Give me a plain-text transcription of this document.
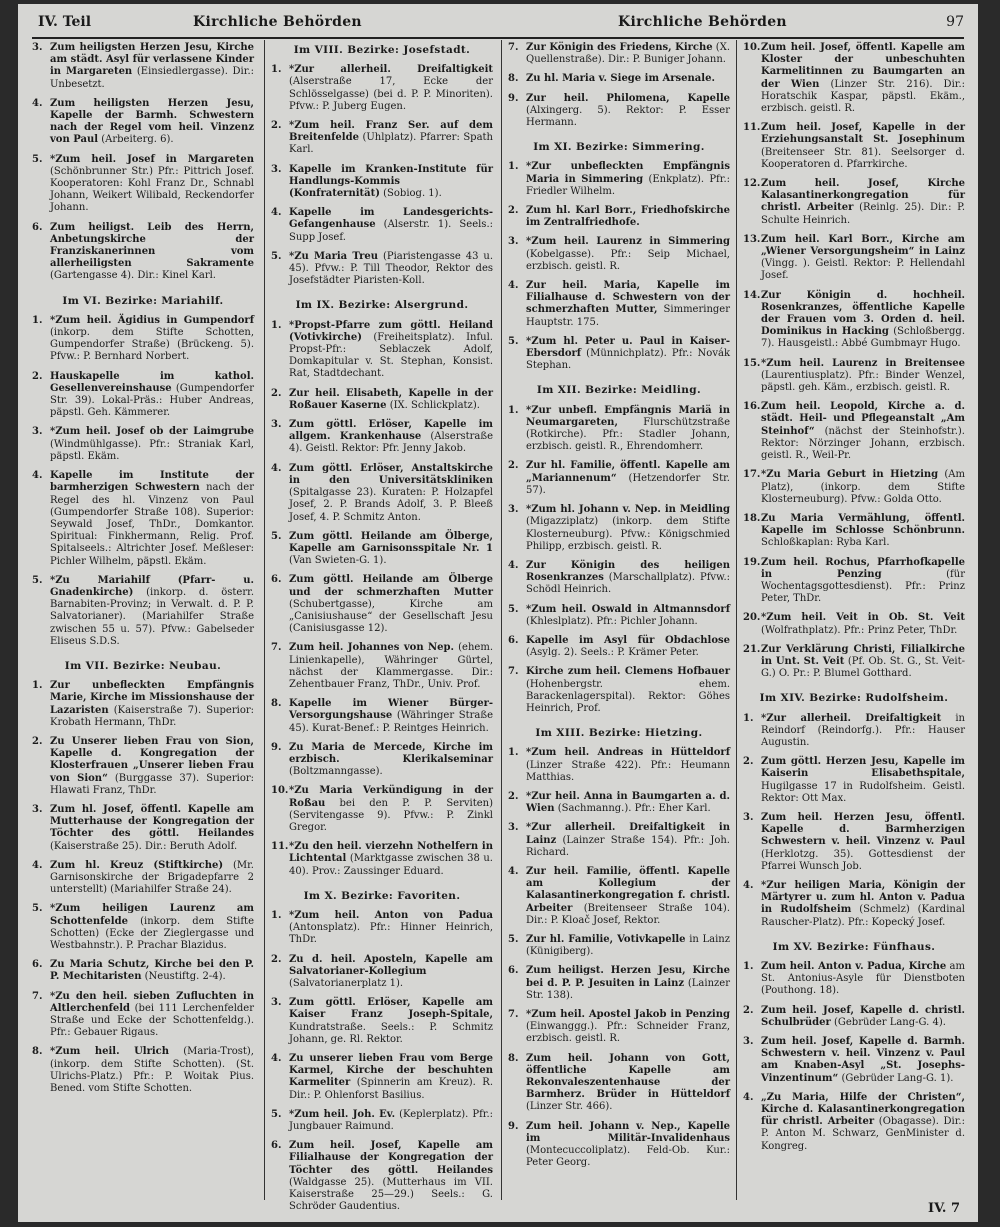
IV. Teil	Kirchliche Behörden	Kirchliche Behörden	97
3. Zum heiligsten Herzen Jesu, Kirche am städt. Asyl für verlassene Kinder in Margareten (Einsiedlergasse). Dir.: Unbesetzt.
4. Zum heiligsten Herzen Jesu, Kapelle der Barmh. Schwestern nach der Regel vom heil. Vinzenz von Paul (Arbeiterg. 6).
5. *Zum heil. Josef in Margareten (Schönbrunner Str.) Pfr.: Pittrich Josef. Kooperatoren: Kohl Franz Dr., Schnabl Johann, Weikert Wilibald, Reckendorfer Johann.
6. Zum heiligst. Leib des Herrn, Anbetungskirche der Franziskanerinnen vom allerheiligsten Sakramente (Gartengasse 4). Dir.: Kinel Karl.
Im VI. Bezirke: Mariahilf.
1. *Zum heil. Ägidius in Gumpendorf (inkorp. dem Stifte Schotten, Gumpendorfer Straße) (Brückeng. 5). Pfvw.: P. Bernhard Norbert.
2. Hauskapelle im kathol. Gesellenvereinshause (Gumpendorfer Str. 39). Lokal-Präs.: Huber Andreas, päpstl. Geh. Kämmerer.
3. *Zum heil. Josef ob der Laimgrube (Windmühlgasse). Pfr.: Straniak Karl, päpstl. Ekäm.
4. Kapelle im Institute der barmherzigen Schwestern nach der Regel des hl. Vinzenz von Paul (Gumpendorfer Straße 108). Superior: Seywald Josef, ThDr., Domkantor. Spiritual: Finkhermann, Relig. Prof. Spitalseels.: Altrichter Josef. Meßleser: Pichler Wilhelm, päpstl. Ekäm.
5. *Zu Mariahilf (Pfarr- u. Gnadenkirche) (inkorp. d. österr. Barnabiten-Provinz; in Verwalt. d. P. P. Salvatorianer). (Mariahilfer Straße zwischen 55 u. 57). Pfvw.: Gabelseder Eliseus S.D.S.
Im VII. Bezirke: Neubau.
1. Zur unbefleckten Empfängnis Marie, Kirche im Missionshause der Lazaristen (Kaiserstraße 7). Superior: Krobath Hermann, ThDr.
2. Zu Unserer lieben Frau von Sion, Kapelle d. Kongregation der Klosterfrauen „Unserer lieben Frau von Sion“ (Burggasse 37). Superior: Hlawati Franz, ThDr.
3. Zum hl. Josef, öffentl. Kapelle am Mutterhause der Kongregation der Töchter des göttl. Heilandes (Kaiserstraße 25). Dir.: Beruth Adolf.
4. Zum hl. Kreuz (Stiftkirche) (Mr. Garnisonskirche der Brigadepfarre 2 unterstellt) (Mariahilfer Straße 24).
5. *Zum heiligen Laurenz am Schottenfelde (inkorp. dem Stifte Schotten) (Ecke der Zieglergasse und Westbahnstr.). P. Prachar Blazidus.
6. Zu Maria Schutz, Kirche bei den P. P. Mechitaristen (Neustiftg. 2-4).
7. *Zu den heil. sieben Zufluchten in Altlerchenfeld (bei 111 Lerchenfelder Straße und Ecke der Schottenfeldg.). Pfr.: Gebauer Rigaus.
8. *Zum heil. Ulrich (Maria-Trost), (inkorp. dem Stifte Schotten). (St. Ulrichs-Platz.) Pfr.: P. Woitak Pius. Bened. vom Stifte Schotten.
Im VIII. Bezirke: Josefstadt.
1. *Zur allerheil. Dreifaltigkeit (Alserstraße 17, Ecke der Schlösselgasse) (bei d. P. P. Minoriten). Pfvw.: P. Juberg Eugen.
2. *Zum heil. Franz Ser. auf dem Breitenfelde (Uhlplatz). Pfarrer: Spath Karl.
3. Kapelle im Kranken-Institute für Handlungs-Kommis (Konfraternität) (Sobiog. 1).
4. Kapelle im Landesgerichts-Gefangenhause (Alserstr. 1). Seels.: Supp Josef.
5. *Zu Maria Treu (Piaristengasse 43 u. 45). Pfvw.: P. Till Theodor, Rektor des Josefstädter Piaristen-Koll.
Im IX. Bezirke: Alsergrund.
1. *Propst-Pfarre zum göttl. Heiland (Votivkirche) (Freiheitsplatz). Inful. Propst-Pfr.: Seblaczek Adolf, Domkapitular v. St. Stephan, Konsist. Rat, Stadtdechant.
2. Zur heil. Elisabeth, Kapelle in der Roßauer Kaserne (IX. Schlickplatz).
3. Zum göttl. Erlöser, Kapelle im allgem. Krankenhause (Alserstraße 4). Geistl. Rektor: Pfr. Jenny Jakob.
4. Zum göttl. Erlöser, Anstaltskirche in den Universitätskliniken (Spitalgasse 23). Kuraten: P. Holzapfel Josef, 2. P. Brands Adolf, 3. P. Bleeß Josef, 4. P. Schmitz Anton.
5. Zum göttl. Heilande am Ölberge, Kapelle am Garnisonsspitale Nr. 1 (Van Swieten-G. 1).
6. Zum göttl. Heilande am Ölberge und der schmerzhaften Mutter (Schubertgasse), Kirche am „Canisiushause“ der Gesellschaft Jesu (Canisiusgasse 12).
7. Zum heil. Johannes von Nep. (ehem. Linienkapelle), Währinger Gürtel, nächst der Klammergasse. Dir.: Zehentbauer Franz, ThDr., Univ. Prof.
8. Kapelle im Wiener Bürger-Versorgungshause (Währinger Straße 45). Kurat-Benef.: P. Reintges Heinrich.
9. Zu Maria de Mercede, Kirche im erzbisch. Klerikalseminar (Boltzmanngasse).
10. *Zu Maria Verkündigung in der Roßau bei den P. P. Serviten) (Servitengasse 9). Pfvw.: P. Zinkl Gregor.
11. *Zu den heil. vierzehn Nothelfern in Lichtental (Marktgasse zwischen 38 u. 40). Prov.: Zaussinger Eduard.
Im X. Bezirke: Favoriten.
1. *Zum heil. Anton von Padua (Antonsplatz). Pfr.: Hinner Heinrich, ThDr.
2. Zu d. heil. Aposteln, Kapelle am Salvatorianer-Kollegium (Salvatorianerplatz 1).
3. Zum göttl. Erlöser, Kapelle am Kaiser Franz Joseph-Spitale, Kundratstraße. Seels.: P. Schmitz Johann, ge. Rl. Rektor.
4. Zu unserer lieben Frau vom Berge Karmel, Kirche der beschuhten Karmeliter (Spinnerin am Kreuz). R. Dir.: P. Ohlenforst Basilius.
5. *Zum heil. Joh. Ev. (Keplerplatz). Pfr.: Jungbauer Raimund.
6. Zum heil. Josef, Kapelle am Filialhause der Kongregation der Töchter des göttl. Heilandes (Waldgasse 25). (Mutterhaus im VII. Kaiserstraße 25—29.) Seels.: G. Schröder Gaudentius.
7. Zur Königin des Friedens, Kirche (X. Quellenstraße). Dir.: P. Buniger Johann.
8. Zu hl. Maria v. Siege im Arsenale.
9. Zur heil. Philomena, Kapelle (Alxingerg. 5). Rektor: P. Esser Hermann.
Im XI. Bezirke: Simmering.
1. *Zur unbefleckten Empfängnis Maria in Simmering (Enkplatz). Pfr.: Friedler Wilhelm.
2. Zum hl. Karl Borr., Friedhofskirche im Zentralfriedhofe.
3. *Zum heil. Laurenz in Simmering (Kobelgasse). Pfr.: Seip Michael, erzbisch. geistl. R.
4. Zur heil. Maria, Kapelle im Filialhause d. Schwestern von der schmerzhaften Mutter, Simmeringer Hauptstr. 175.
5. *Zum hl. Peter u. Paul in Kaiser-Ebersdorf (Münnichplatz). Pfr.: Novák Stephan.
Im XII. Bezirke: Meidling.
1. *Zur unbefl. Empfängnis Mariä in Neumargareten,	Flurschützstraße (Rotkirche). Pfr.: Stadler Johann, erzbisch. geistl. R., Ehrendomherr.
2. Zur hl. Familie, öffentl. Kapelle am „Mariannenum“ (Hetzendorfer Str. 57).
3. *Zum hl. Johann v. Nep. in Meidling (Migazziplatz) (inkorp. dem Stifte Klosterneuburg). Pfvw.: Königschmied Philipp, erzbisch. geistl. R.
4. Zur Königin des heiligen Rosenkranzes (Marschallplatz). Pfvw.: Schödl Heinrich.
5. *Zum heil. Oswald in Altmannsdorf (Khleslplatz). Pfr.: Pichler Johann.
6. Kapelle im Asyl für Obdachlose (Asylg. 2). Seels.: P. Krämer Peter.
7. Kirche zum heil. Clemens Hofbauer (Hohenbergstr. ehem. Barackenlagerspital). Rektor: Göhes Heinrich, Prof.
Im XIII. Bezirke: Hietzing.
1. *Zum heil. Andreas in Hütteldorf (Linzer Straße 422). Pfr.: Heumann Matthias.
2. *Zur heil. Anna in Baumgarten a. d. Wien (Sachmanng.). Pfr.: Eher Karl.
3. *Zur allerheil. Dreifaltigkeit in Lainz (Lainzer Straße 154). Pfr.: Joh. Richard.
4. Zur heil. Familie, öffentl. Kapelle am Kollegium der Kalasantinerkongregation f. christl. Arbeiter (Breitenseer Straße 104). Dir.: P. Kloač Josef, Rektor.
5. Zur hl. Familie, Votivkapelle in Lainz (Künigiberg).
6. Zum heiligst. Herzen Jesu, Kirche bei d. P. P. Jesuiten in Lainz (Lainzer Str. 138).
7. *Zum heil. Apostel Jakob in Penzing (Einwanggg.). Pfr.: Schneider Franz, erzbisch. geistl. R.
8. Zum heil. Johann von Gott, öffentliche Kapelle am Rekonvaleszentenhause der Barmherz. Brüder in Hütteldorf (Linzer Str. 466).
9. Zum heil. Johann v. Nep., Kapelle im Militär-Invalidenhaus (Montecuccoliplatz). Feld-Ob. Kur.: Peter Georg.
10. Zum heil. Josef, öffentl. Kapelle am Kloster der unbeschuhten Karmelitinnen zu Baumgarten an der Wien (Linzer Str. 216). Dir.: Horatschik Kaspar, päpstl. Ekäm., erzbisch. geistl. R.
11. Zum heil. Josef, Kapelle in der Erziehungsanstalt St. Josephinum (Breitenseer Str. 81). Seelsorger d. Kooperatoren d. Pfarrkirche.
12. Zum heil. Josef, Kirche Kalasantinerkongregation für christl. Arbeiter (Reinlg. 25). Dir.: P. Schulte Heinrich.
13. Zum heil. Karl Borr., Kirche am „Wiener Versorgungsheim“ in Lainz (Vingg. ). Geistl. Rektor: P. Hellendahl Josef.
14. Zur Königin d. hochheil. Rosenkranzes, öffentliche Kapelle der Frauen vom 3. Orden d. heil. Dominikus in Hacking (Schloßbergg. 7). Hausgeistl.: Abbé Gumbmayr Hugo.
15. *Zum heil. Laurenz in Breitensee (Laurentiusplatz). Pfr.: Binder Wenzel, päpstl. geh. Käm., erzbisch. geistl. R.
16. Zum heil. Leopold, Kirche a. d. städt. Heil- und Pflegeanstalt „Am Steinhof“ (nächst der Steinhofstr.). Rektor: Nörzinger Johann, erzbisch. geistl. R., Weil-Pr.
17. *Zu Maria Geburt in Hietzing (Am Platz), (inkorp. dem Stifte Klosterneuburg). Pfvw.: Golda Otto.
18. Zu Maria Vermählung, öffentl. Kapelle im Schlosse Schönbrunn. Schloßkaplan: Ryba Karl.
19. Zum heil. Rochus, Pfarrhofkapelle in Penzing	(für Wochentagsgottesdienst). Pfr.: Prinz Peter, ThDr.
20. *Zum heil. Veit in Ob. St. Veit (Wolfrathplatz). Pfr.: Prinz Peter, ThDr.
21. Zur Verklärung Christi, Filialkirche in Unt. St. Veit (Pf. Ob. St. G., St. Veit-G.) O. Pr.: P. Blumel Gotthard.
Im XIV. Bezirke: Rudolfsheim.
1. *Zur allerheil. Dreifaltigkeit in Reindorf (Reindorfg.). Pfr.: Hauser Augustin.
2. Zum göttl. Herzen Jesu, Kapelle im Kaiserin Elisabethspitale, Hugilgasse 17 in Rudolfsheim. Geistl. Rektor: Ott Max.
3. Zum heil. Herzen Jesu, öffentl. Kapelle d. Barmherzigen Schwestern v. heil. Vinzenz v. Paul (Herklotzg. 35). Gottesdienst der Pfarrei Wunsch Job.
4. *Zur heiligen Maria, Königin der Märtyrer u. zum hl. Anton v. Padua in Rudolfsheim (Schmelz) (Kardinal Rauscher-Platz). Pfr.: Kopecký Josef.
Im XV. Bezirke: Fünfhaus.
1. Zum heil. Anton v. Padua, Kirche am St. Antonius-Asyle für Dienstboten (Pouthong. 18).
2. Zum heil. Josef, Kapelle d. christl. Schulbrüder (Gebrüder Lang-G. 4).
3. Zum heil. Josef, Kapelle d. Barmh. Schwestern v. heil. Vinzenz v. Paul am Knaben-Asyl „St. Josephs-Vinzentinum“ (Gebrüder Lang-G. 1).
4. „Zu Maria, Hilfe der Christen“, Kirche d. Kalasantinerkongregation für christl. Arbeiter (Obagasse). Dir.: P. Anton M. Schwarz, GenMinister d. Kongreg.
IV. 7
